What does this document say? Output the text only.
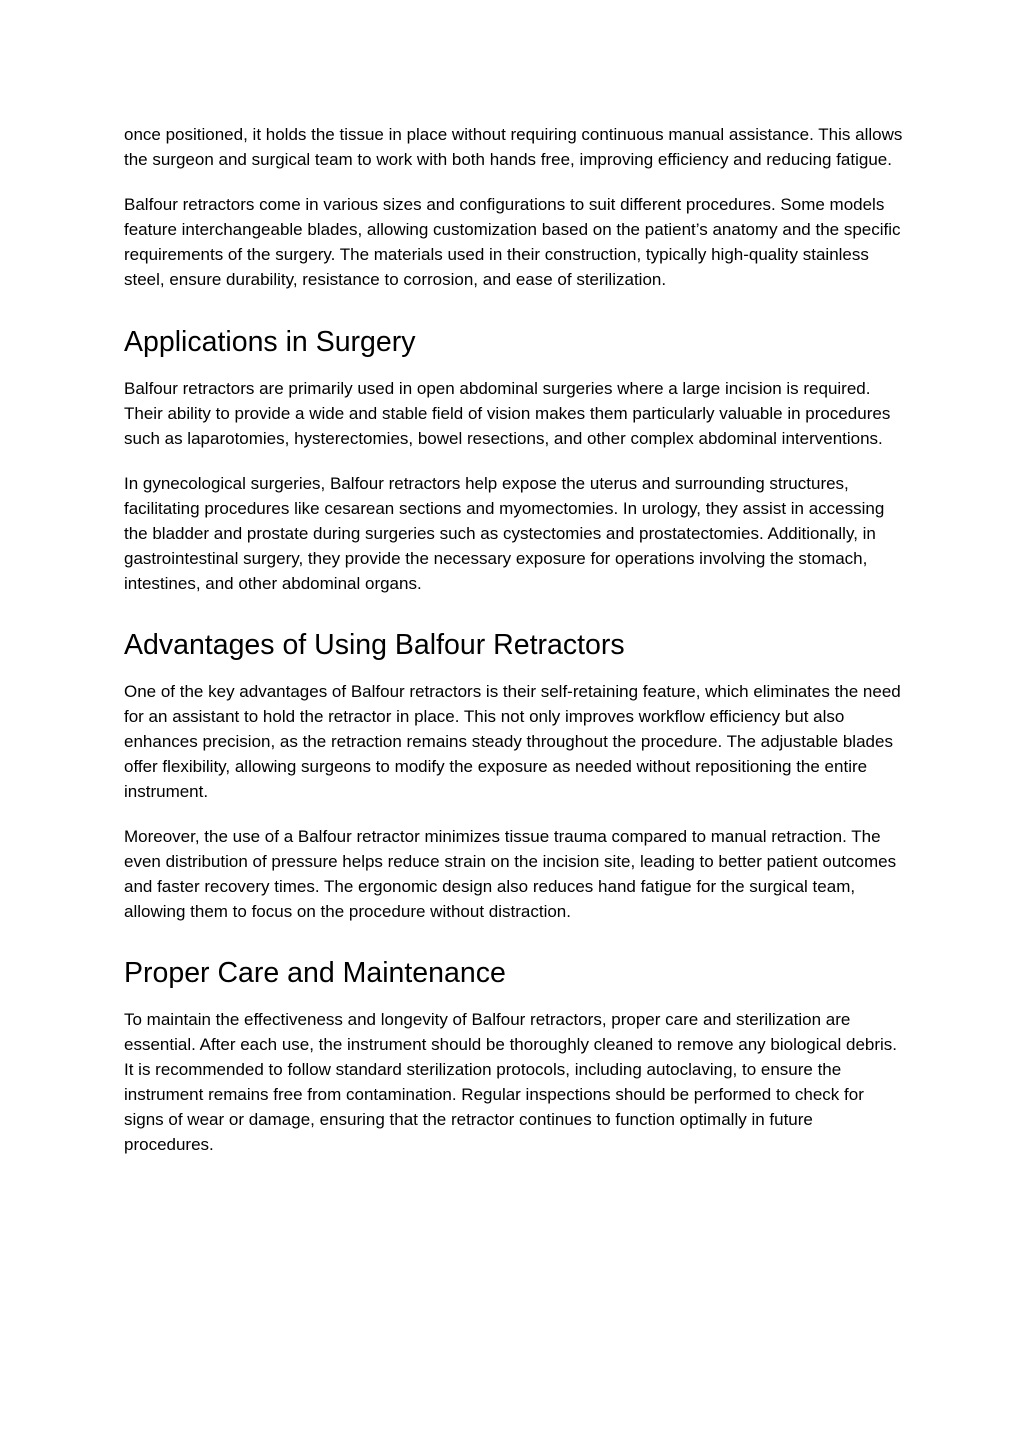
once positioned, it holds the tissue in place without requiring continuous manual assistance. This allows the surgeon and surgical team to work with both hands free, improving efficiency and reducing fatigue.

Balfour retractors come in various sizes and configurations to suit different procedures. Some models feature interchangeable blades, allowing customization based on the patient’s anatomy and the specific requirements of the surgery. The materials used in their construction, typically high-quality stainless steel, ensure durability, resistance to corrosion, and ease of sterilization.

Applications in Surgery

Balfour retractors are primarily used in open abdominal surgeries where a large incision is required. Their ability to provide a wide and stable field of vision makes them particularly valuable in procedures such as laparotomies, hysterectomies, bowel resections, and other complex abdominal interventions.

In gynecological surgeries, Balfour retractors help expose the uterus and surrounding structures, facilitating procedures like cesarean sections and myomectomies. In urology, they assist in accessing the bladder and prostate during surgeries such as cystectomies and prostatectomies. Additionally, in gastrointestinal surgery, they provide the necessary exposure for operations involving the stomach, intestines, and other abdominal organs.

Advantages of Using Balfour Retractors

One of the key advantages of Balfour retractors is their self-retaining feature, which eliminates the need for an assistant to hold the retractor in place. This not only improves workflow efficiency but also enhances precision, as the retraction remains steady throughout the procedure. The adjustable blades offer flexibility, allowing surgeons to modify the exposure as needed without repositioning the entire instrument.

Moreover, the use of a Balfour retractor minimizes tissue trauma compared to manual retraction. The even distribution of pressure helps reduce strain on the incision site, leading to better patient outcomes and faster recovery times. The ergonomic design also reduces hand fatigue for the surgical team, allowing them to focus on the procedure without distraction.

Proper Care and Maintenance

To maintain the effectiveness and longevity of Balfour retractors, proper care and sterilization are essential. After each use, the instrument should be thoroughly cleaned to remove any biological debris. It is recommended to follow standard sterilization protocols, including autoclaving, to ensure the instrument remains free from contamination. Regular inspections should be performed to check for signs of wear or damage, ensuring that the retractor continues to function optimally in future procedures.
